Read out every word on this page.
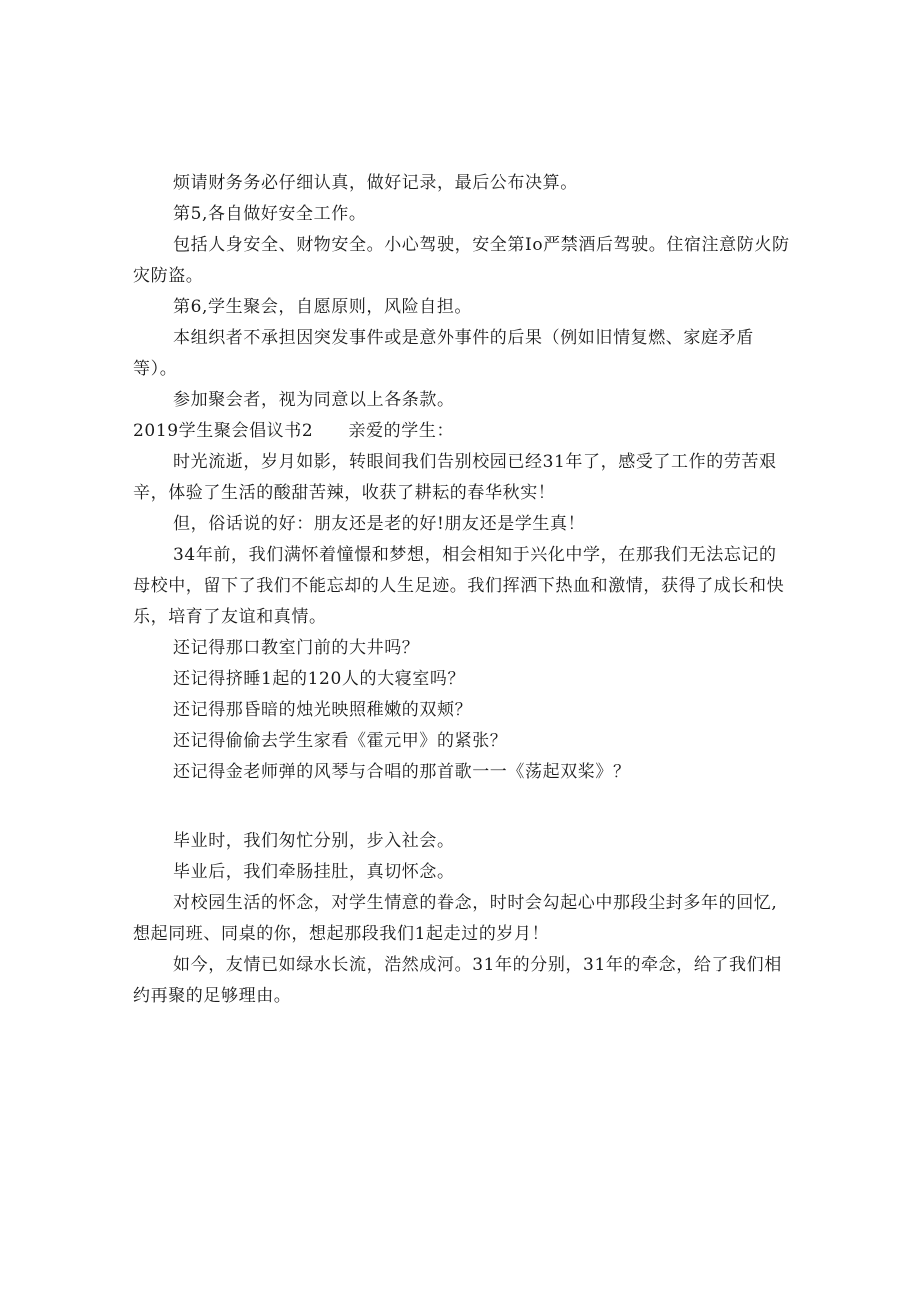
烦请财务务必仔细认真，做好记录，最后公布决算。

第5,各自做好安全工作。

包括人身安全、财物安全。小心驾驶，安全第Io严禁酒后驾驶。住宿注意防火防灾防盗。

第6,学生聚会，自愿原则，风险自担。

本组织者不承担因突发事件或是意外事件的后果（例如旧情复燃、家庭矛盾等）。

参加聚会者，视为同意以上各条款。

2019学生聚会倡议书2　　亲爱的学生：

时光流逝，岁月如影，转眼间我们告别校园已经31年了，感受了工作的劳苦艰辛，体验了生活的酸甜苦辣，收获了耕耘的春华秋实！

但，俗话说的好：朋友还是老的好!朋友还是学生真！

34年前，我们满怀着憧憬和梦想，相会相知于兴化中学，在那我们无法忘记的母校中，留下了我们不能忘却的人生足迹。我们挥洒下热血和激情，获得了成长和快乐，培育了友谊和真情。

还记得那口教室门前的大井吗？

还记得挤睡1起的120人的大寝室吗？

还记得那昏暗的烛光映照稚嫩的双颊？

还记得偷偷去学生家看《霍元甲》的紧张？

还记得金老师弹的风琴与合唱的那首歌一一《荡起双桨》？

毕业时，我们匆忙分别，步入社会。

毕业后，我们牵肠挂肚，真切怀念。

对校园生活的怀念，对学生情意的眷念，时时会勾起心中那段尘封多年的回忆,想起同班、同桌的你，想起那段我们1起走过的岁月！

如今，友情已如绿水长流，浩然成河。31年的分别，31年的牵念，给了我们相约再聚的足够理由。
